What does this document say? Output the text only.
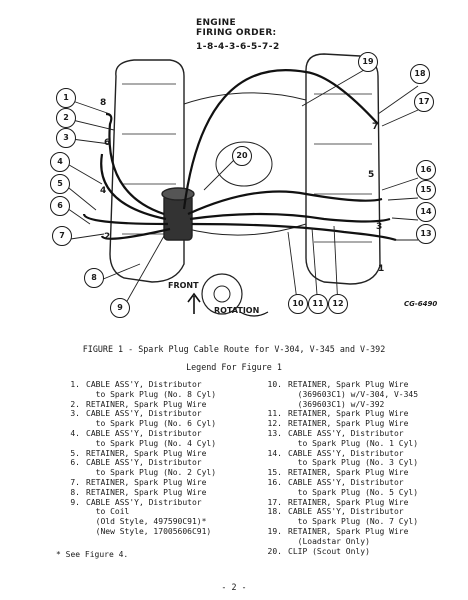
ENGINE
FIRING ORDER:
1-8-4-3-6-5-7-2
FRONT
ROTATION
CG-6490
1
2
3
4
5
6
7
8
9	10	11	12
13
14
15
16
17
18
19
20
8
6
4
2
5
7
3
1
FIGURE 1 - Spark Plug Cable Route for V-304, V-345 and V-392
Legend For Figure 1
1. CABLE ASS'Y, Distributor
to Spark Plug (No. 8 Cyl)
2. RETAINER, Spark Plug Wire
3. CABLE ASS'Y, Distributor
to Spark Plug (No. 6 Cyl)
4. CABLE ASS'Y, Distributor
to Spark Plug (No. 4 Cyl)
5. RETAINER, Spark Plug Wire
6. CABLE ASS'Y, Distributor
to Spark Plug (No. 2 Cyl)
7. RETAINER, Spark Plug Wire
8. RETAINER, Spark Plug Wire
9. CABLE ASS'Y, Distributor
to Coil
(Old Style, 497590C91)*
(New Style, 17005606C91)
10. RETAINER, Spark Plug Wire
(369603C1) w/V-304, V-345
(369603C1) w/V-392
11. RETAINER, Spark Plug Wire
12. RETAINER, Spark Plug Wire
13. CABLE ASS'Y, Distributor
to Spark Plug (No. 1 Cyl)
14. CABLE ASS'Y, Distributor
to Spark Plug (No. 3 Cyl)
15. RETAINER, Spark Plug Wire
16. CABLE ASS'Y, Distributor
to Spark Plug (No. 5 Cyl)
17. RETAINER, Spark Plug Wire
18. CABLE ASS'Y, Distributor
to Spark Plug (No. 7 Cyl)
19. RETAINER, Spark Plug Wire
(Loadstar Only)
20. CLIP (Scout Only)
* See Figure 4.
- 2 -
